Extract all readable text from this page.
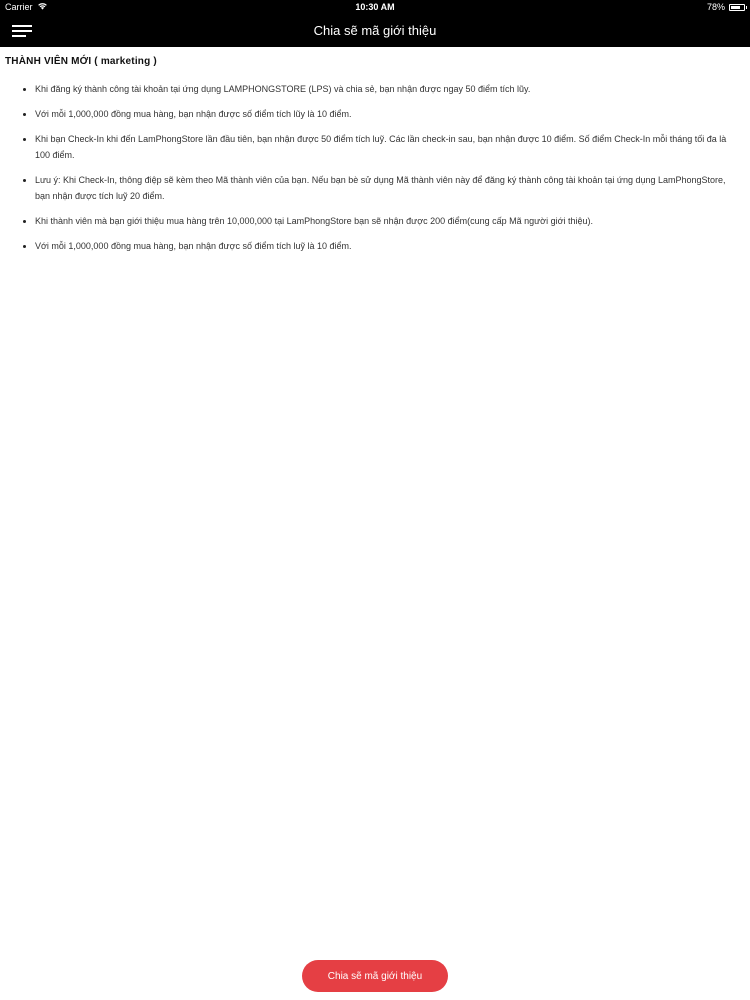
Carrier	10:30 AM	78%
Chia sẽ mã giới thiệu
THÀNH VIÊN MỚI ( marketing )
• Khi đăng ký thành công tài khoản tại ứng dụng LAMPHONGSTORE (LPS) và chia sẻ, bạn nhận được ngay 50 điểm tích lũy.
• Với mỗi 1,000,000 đồng mua hàng, bạn nhận được số điểm tích lũy là 10 điểm.
• Khi bạn Check-In khi đến LamPhongStore lần đầu tiên, bạn nhận được 50 điểm tích luỹ. Các lần check-in sau, bạn nhận được 10 điểm. Số điểm Check-In mỗi tháng tối đa là 100 điểm.
• Lưu ý: Khi Check-In, thông điệp sẽ kèm theo Mã thành viên của bạn. Nếu bạn bè sử dụng Mã thành viên này để đăng ký thành công tài khoản tại ứng dụng LamPhongStore, bạn nhận được tích luỹ 20 điểm.
• Khi thành viên mà bạn giới thiệu mua hàng trên 10,000,000 tại LamPhongStore bạn sẽ nhận được 200 điểm(cung cấp Mã người giới thiệu).
• Với mỗi 1,000,000 đồng mua hàng, bạn nhận được số điểm tích luỹ là 10 điểm.
Chia sẽ mã giới thiệu
